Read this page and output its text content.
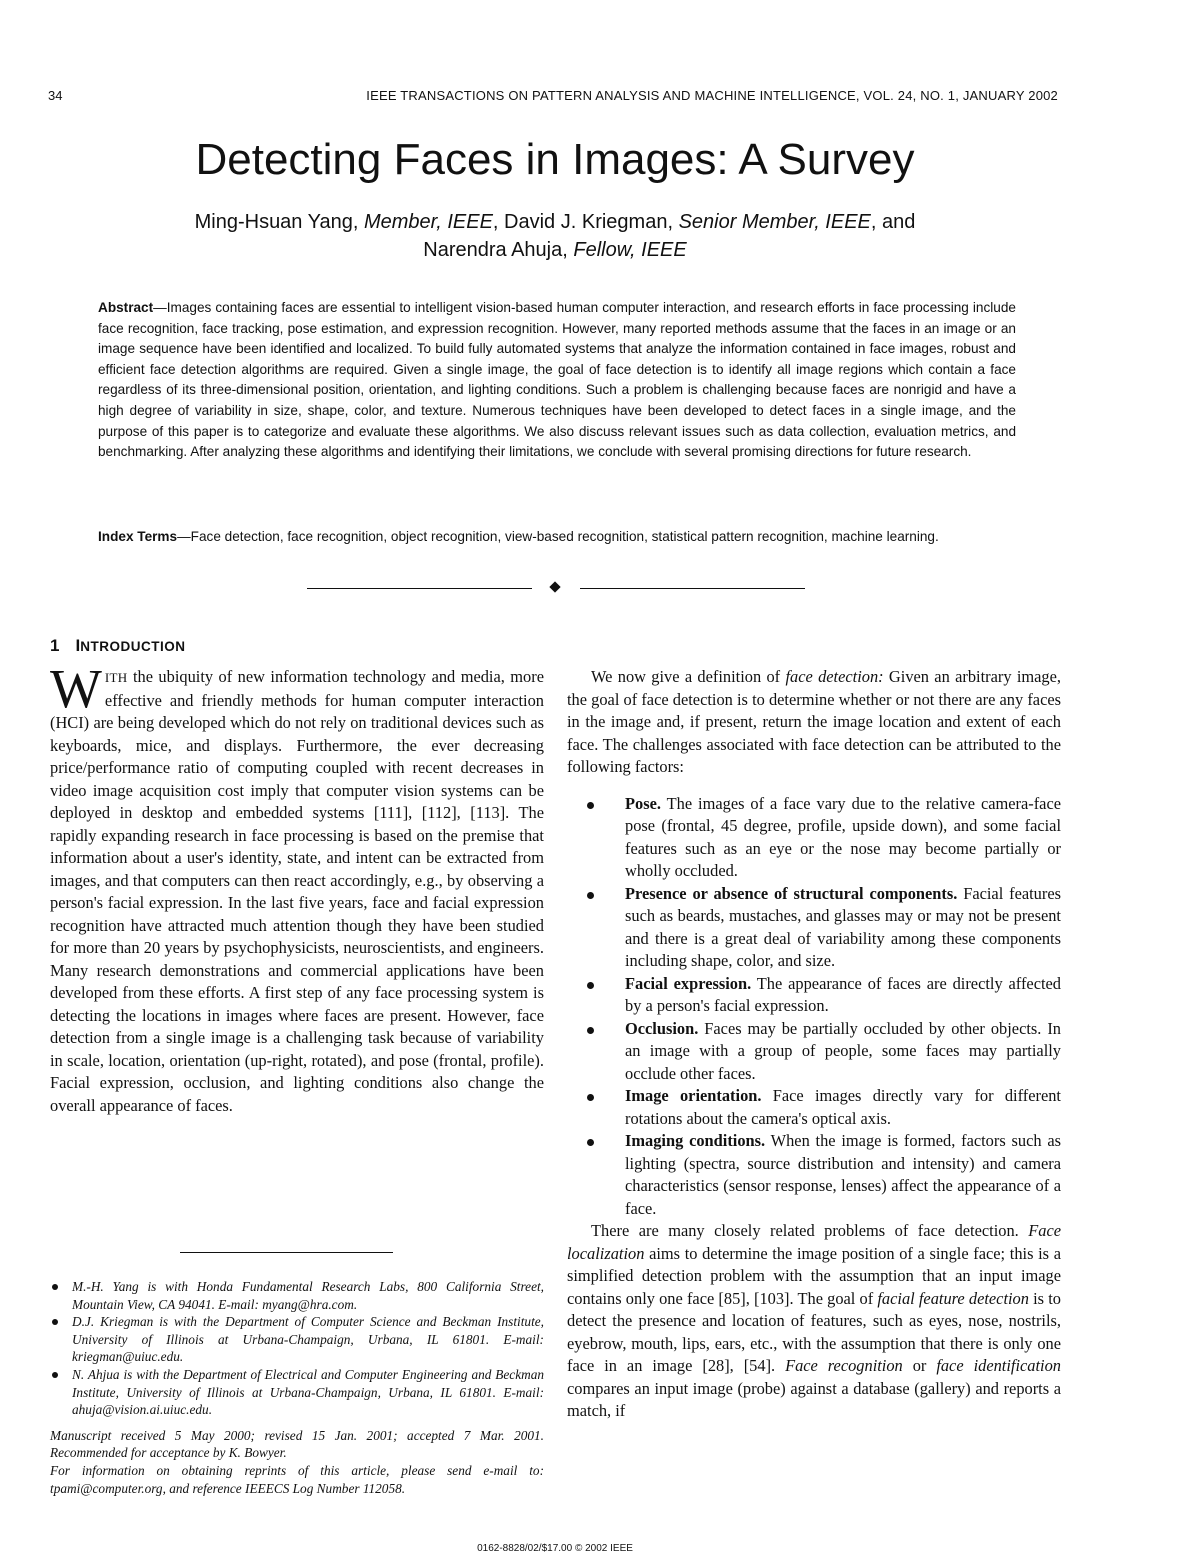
34	IEEE TRANSACTIONS ON PATTERN ANALYSIS AND MACHINE INTELLIGENCE, VOL. 24, NO. 1, JANUARY 2002
Detecting Faces in Images: A Survey
Ming-Hsuan Yang, Member, IEEE, David J. Kriegman, Senior Member, IEEE, and
Narendra Ahuja, Fellow, IEEE
Abstract—Images containing faces are essential to intelligent vision-based human computer interaction, and research efforts in face processing include face recognition, face tracking, pose estimation, and expression recognition. However, many reported methods assume that the faces in an image or an image sequence have been identified and localized. To build fully automated systems that analyze the information contained in face images, robust and efficient face detection algorithms are required. Given a single image, the goal of face detection is to identify all image regions which contain a face regardless of its three-dimensional position, orientation, and lighting conditions. Such a problem is challenging because faces are nonrigid and have a high degree of variability in size, shape, color, and texture. Numerous techniques have been developed to detect faces in a single image, and the purpose of this paper is to categorize and evaluate these algorithms. We also discuss relevant issues such as data collection, evaluation metrics, and benchmarking. After analyzing these algorithms and identifying their limitations, we conclude with several promising directions for future research.
Index Terms—Face detection, face recognition, object recognition, view-based recognition, statistical pattern recognition, machine learning.
1 INTRODUCTION

WITH the ubiquity of new information technology and media, more effective and friendly methods for human computer interaction (HCI) are being developed which do not rely on traditional devices such as keyboards, mice, and displays. Furthermore, the ever decreasing price/performance ratio of computing coupled with recent decreases in video image acquisition cost imply that computer vision systems can be deployed in desktop and embedded systems [111], [112], [113]. The rapidly expanding research in face processing is based on the premise that information about a user's identity, state, and intent can be extracted from images, and that computers can then react accordingly, e.g., by observing a person's facial expression. In the last five years, face and facial expression recognition have attracted much attention though they have been studied for more than 20 years by psychophysicists, neuroscientists, and engineers. Many research demonstrations and commercial applications have been developed from these efforts. A first step of any face processing system is detecting the locations in images where faces are present. However, face detection from a single image is a challenging task because of variability in scale, location, orientation (up-right, rotated), and pose (frontal, profile). Facial expression, occlusion, and lighting conditions also change the overall appearance of faces.

M.-H. Yang is with Honda Fundamental Research Labs, 800 California Street, Mountain View, CA 94041. E-mail: myang@hra.com.
D.J. Kriegman is with the Department of Computer Science and Beckman Institute, University of Illinois at Urbana-Champaign, Urbana, IL 61801. E-mail: kriegman@uiuc.edu.
N. Ahjua is with the Department of Electrical and Computer Engineering and Beckman Institute, University of Illinois at Urbana-Champaign, Urbana, IL 61801. E-mail: ahuja@vision.ai.uiuc.edu.
Manuscript received 5 May 2000; revised 15 Jan. 2001; accepted 7 Mar. 2001. Recommended for acceptance by K. Bowyer.
For information on obtaining reprints of this article, please send e-mail to: tpami@computer.org, and reference IEEECS Log Number 112058.

We now give a definition of face detection: Given an arbitrary image, the goal of face detection is to determine whether or not there are any faces in the image and, if present, return the image location and extent of each face. The challenges associated with face detection can be attributed to the following factors:

Pose. The images of a face vary due to the relative camera-face pose (frontal, 45 degree, profile, upside down), and some facial features such as an eye or the nose may become partially or wholly occluded.
Presence or absence of structural components. Facial features such as beards, mustaches, and glasses may or may not be present and there is a great deal of variability among these components including shape, color, and size.
Facial expression. The appearance of faces are directly affected by a person's facial expression.
Occlusion. Faces may be partially occluded by other objects. In an image with a group of people, some faces may partially occlude other faces.
Image orientation. Face images directly vary for different rotations about the camera's optical axis.
Imaging conditions. When the image is formed, factors such as lighting (spectra, source distribution and intensity) and camera characteristics (sensor response, lenses) affect the appearance of a face.

There are many closely related problems of face detection. Face localization aims to determine the image position of a single face; this is a simplified detection problem with the assumption that an input image contains only one face [85], [103]. The goal of facial feature detection is to detect the presence and location of features, such as eyes, nose, nostrils, eyebrow, mouth, lips, ears, etc., with the assumption that there is only one face in an image [28], [54]. Face recognition or face identification compares an input image (probe) against a database (gallery) and reports a match, if

0162-8828/02/$17.00 © 2002 IEEE
